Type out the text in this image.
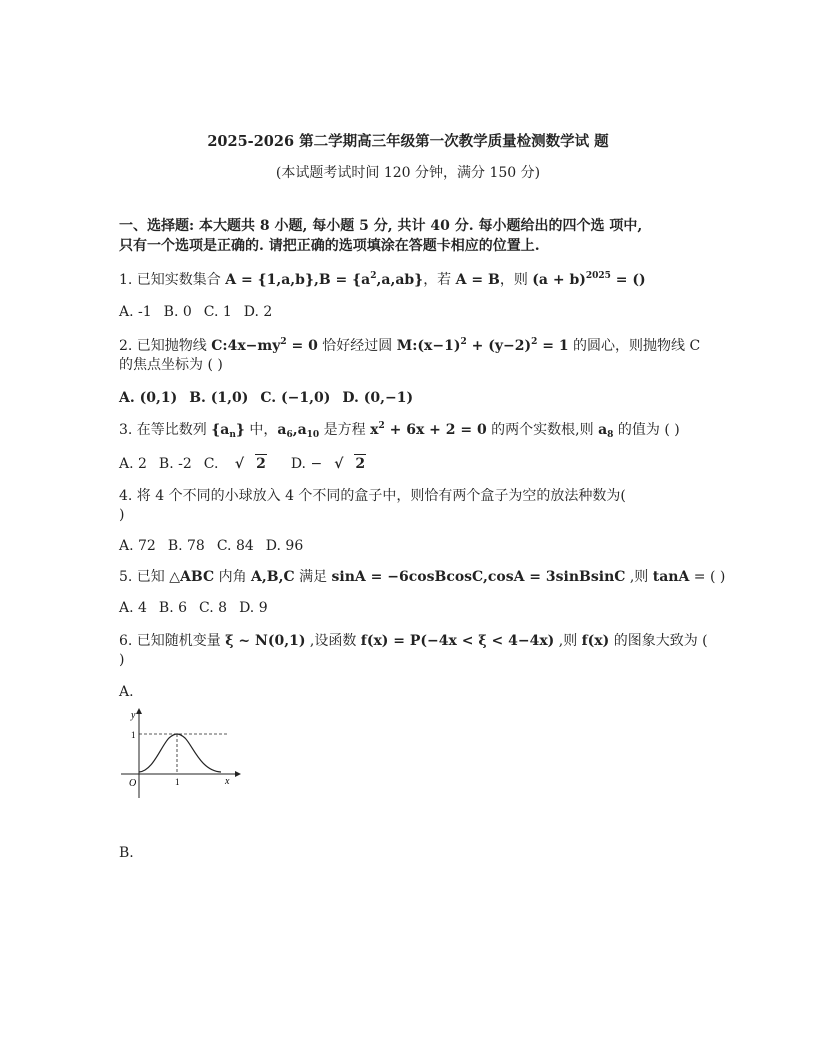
2025-2026 第二学期高三年级第一次教学质量检测数学试 题
(本试题考试时间 120 分钟，满分 150 分)
一、选择题: 本大题共 8 小题, 每小题 5 分, 共计 40 分. 每小题给出的四个选 项中,
只有一个选项是正确的. 请把正确的选项填涂在答题卡相应的位置上.
1. 已知实数集合 $A = \{1,a,b\},B = \{a^2,a,ab\}$，若 A = B，则 $(a + b)^{2025}$ = ()
A. -1 B. 0 C. 1 D. 2
2. 已知抛物线 $C:4x-my^2 = 0$ 恰好经过圆 $M:(x-1)^2 + (y-2)^2 = 1$ 的圆心，则抛物线 C
的焦点坐标为 ( )
A. (0,1) B. (1,0) C. (−1,0) D. (0,−1)
3. 在等比数列 $\{a_n\}$ 中，$a_6,a_{10}$ 是方程 $x^2 + 6x + 2 = 0$ 的两个实数根,则 $a_8$ 的值为 ( )
A. 2 B. -2 C. √ 2 D. − √ 2
4. 将 4 个不同的小球放入 4 个不同的盒子中，则恰有两个盒子为空的放法种数为(
)
A. 72 B. 78 C. 84 D. 96
5. 已知 △ABC 内角 A,B,C 满足 sinA = −6cosBcosC,cosA = 3sinBsinC ,则 tanA = ( )
A. 4 B. 6 C. 8 D. 9
6. 已知随机变量 ξ ~ N(0,1) ,设函数 f(x) = P(−4x < ξ < 4−4x) ,则 f(x) 的图象大致为 (
)
A.
y
x
O
1
1
B.
